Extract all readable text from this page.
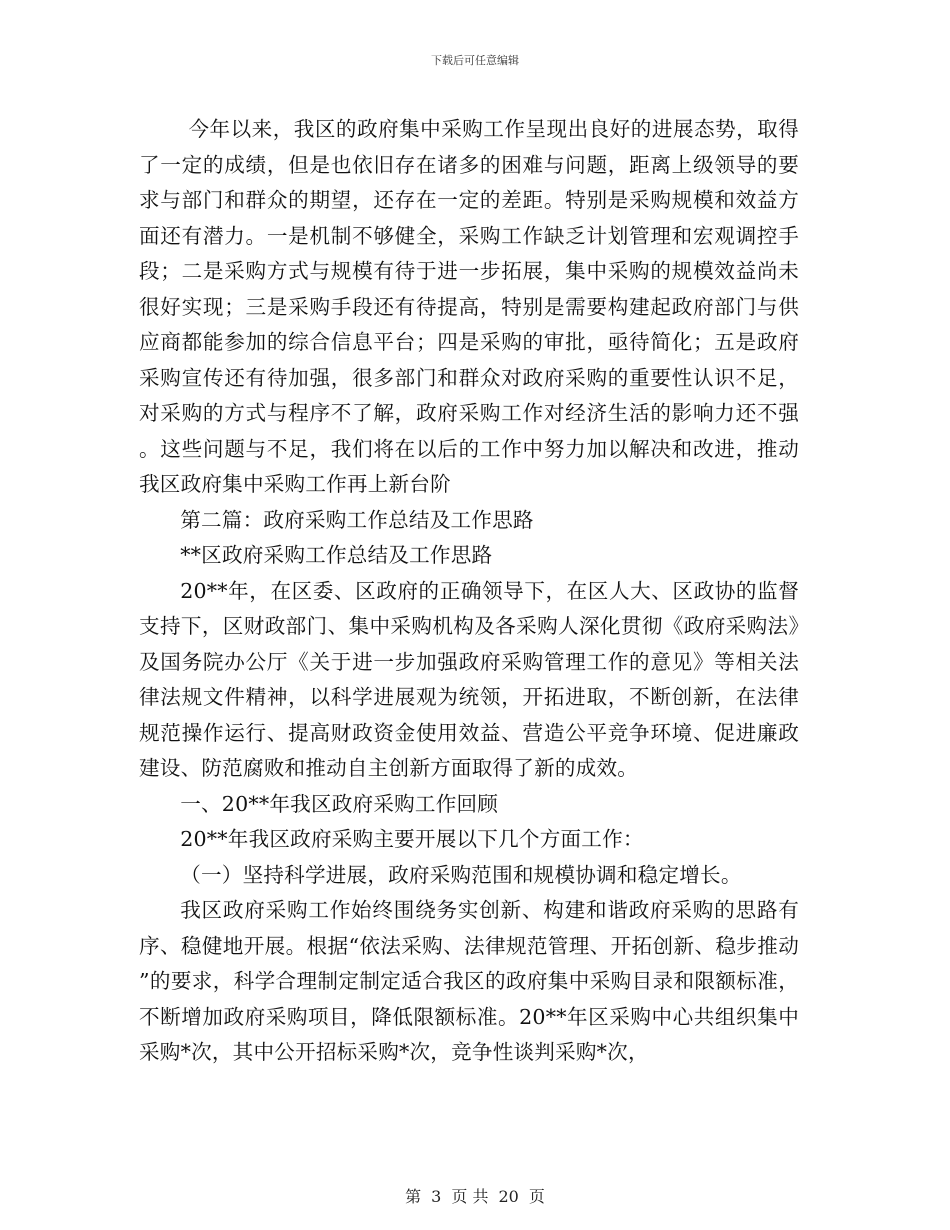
下载后可任意编辑

今年以来，我区的政府集中采购工作呈现出良好的进展态势，取得了一定的成绩，但是也依旧存在诸多的困难与问题，距离上级领导的要求与部门和群众的期望，还存在一定的差距。特别是采购规模和效益方面还有潜力。一是机制不够健全，采购工作缺乏计划管理和宏观调控手段；二是采购方式与规模有待于进一步拓展，集中采购的规模效益尚未很好实现；三是采购手段还有待提高，特别是需要构建起政府部门与供应商都能参加的综合信息平台；四是采购的审批，亟待简化；五是政府采购宣传还有待加强，很多部门和群众对政府采购的重要性认识不足，对采购的方式与程序不了解，政府采购工作对经济生活的影响力还不强。这些问题与不足，我们将在以后的工作中努力加以解决和改进，推动我区政府集中采购工作再上新台阶

第二篇：政府采购工作总结及工作思路

**区政府采购工作总结及工作思路

20**年，在区委、区政府的正确领导下，在区人大、区政协的监督支持下，区财政部门、集中采购机构及各采购人深化贯彻《政府采购法》及国务院办公厅《关于进一步加强政府采购管理工作的意见》等相关法律法规文件精神，以科学进展观为统领，开拓进取，不断创新，在法律规范操作运行、提高财政资金使用效益、营造公平竞争环境、促进廉政建设、防范腐败和推动自主创新方面取得了新的成效。

一、20**年我区政府采购工作回顾

20**年我区政府采购主要开展以下几个方面工作：

（一）坚持科学进展，政府采购范围和规模协调和稳定增长。

我区政府采购工作始终围绕务实创新、构建和谐政府采购的思路有序、稳健地开展。根据“依法采购、法律规范管理、开拓创新、稳步推动”的要求，科学合理制定制定适合我区的政府集中采购目录和限额标准，不断增加政府采购项目，降低限额标准。20**年区采购中心共组织集中采购*次，其中公开招标采购*次，竞争性谈判采购*次，

第 3 页 共 20 页
